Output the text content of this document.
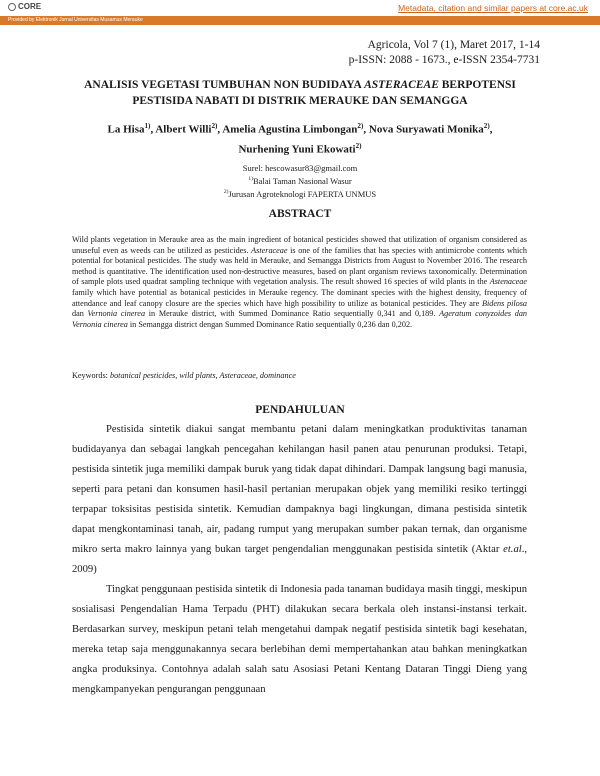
CORE	Metadata, citation and similar papers at core.ac.uk
Provided by Elektronik Jurnal Universitas Musamus Merauke
Agricola, Vol 7 (1), Maret 2017, 1-14
p-ISSN: 2088 - 1673., e-ISSN 2354-7731
ANALISIS VEGETASI TUMBUHAN NON BUDIDAYA ASTERACEAE BERPOTENSI PESTISIDA NABATI DI DISTRIK MERAUKE DAN SEMANGGA
La Hisa$^{1)}$, Albert Willi$^{2)}$, Amelia Agustina Limbongan$^{2)}$, Nova Suryawati Monika$^{2)}$,
Nurhening Yuni Ekowati$^{2)}$
Surel: hescowasur83@gmail.com
$^{1)}$Balai Taman Nasional Wasur
$^{2)}$Jurusan Agroteknologi FAPERTA UNMUS
ABSTRACT
Wild plants vegetation in Merauke area as the main ingredient of botanical pesticides showed that utilization of organism considered as unuseful even as weeds can be utilized as pesticides. Asteraceae is one of the families that has species with antimicrobe contents which potential for botanical pesticides. The study was held in Merauke, and Semangga Districts from August to November 2016. The research method is quantitative. The identification used non-destructive measures, based on plant organism reviews taxonomically. Determination of sample plots used quadrat sampling technique with vegetation analysis. The result showed 16 species of wild plants in the Astenaceae family which have potential as botanical pesticides in Merauke regency. The dominant species with the highest density, frequency of attendance and leaf canopy closure are the species which have high possibility to utilize as botanical pesticides. They are Bidens pilosa dan Vernonia cinerea in Merauke district, with Summed Dominance Ratio sequentially 0,341 and 0,189. Ageratum conyzoides dan Vernonia cinerea in Semangga district dengan Summed Dominance Ratio sequentially 0,236 dan 0,202.
Keywords: botanical pesticides, wild plants, Asteraceae, dominance
PENDAHULUAN
Pestisida sintetik diakui sangat membantu petani dalam meningkatkan produktivitas tanaman budidayanya dan sebagai langkah pencegahan kehilangan hasil panen atau penurunan produksi. Tetapi, pestisida sintetik juga memiliki dampak buruk yang tidak dapat dihindari. Dampak langsung bagi manusia, seperti para petani dan konsumen hasil-hasil pertanian merupakan objek yang memiliki resiko tertinggi terpapar toksisitas pestisida sintetik. Kemudian dampaknya bagi lingkungan, dimana pestisida sintetik dapat mengkontaminasi tanah, air, padang rumput yang merupakan sumber pakan ternak, dan organisme mikro serta makro lainnya yang bukan target pengendalian menggunakan pestisida sintetik (Aktar et.al., 2009)
Tingkat penggunaan pestisida sintetik di Indonesia pada tanaman budidaya masih tinggi, meskipun sosialisasi Pengendalian Hama Terpadu (PHT) dilakukan secara berkala oleh instansi-instansi terkait. Berdasarkan survey, meskipun petani telah mengetahui dampak negatif pestisida sintetik bagi kesehatan, mereka tetap saja menggunakannya secara berlebihan demi mempertahankan atau bahkan meningkatkan angka produksinya. Contohnya adalah salah satu Asosiasi Petani Kentang Dataran Tinggi Dieng yang mengkampanyekan pengurangan penggunaan
